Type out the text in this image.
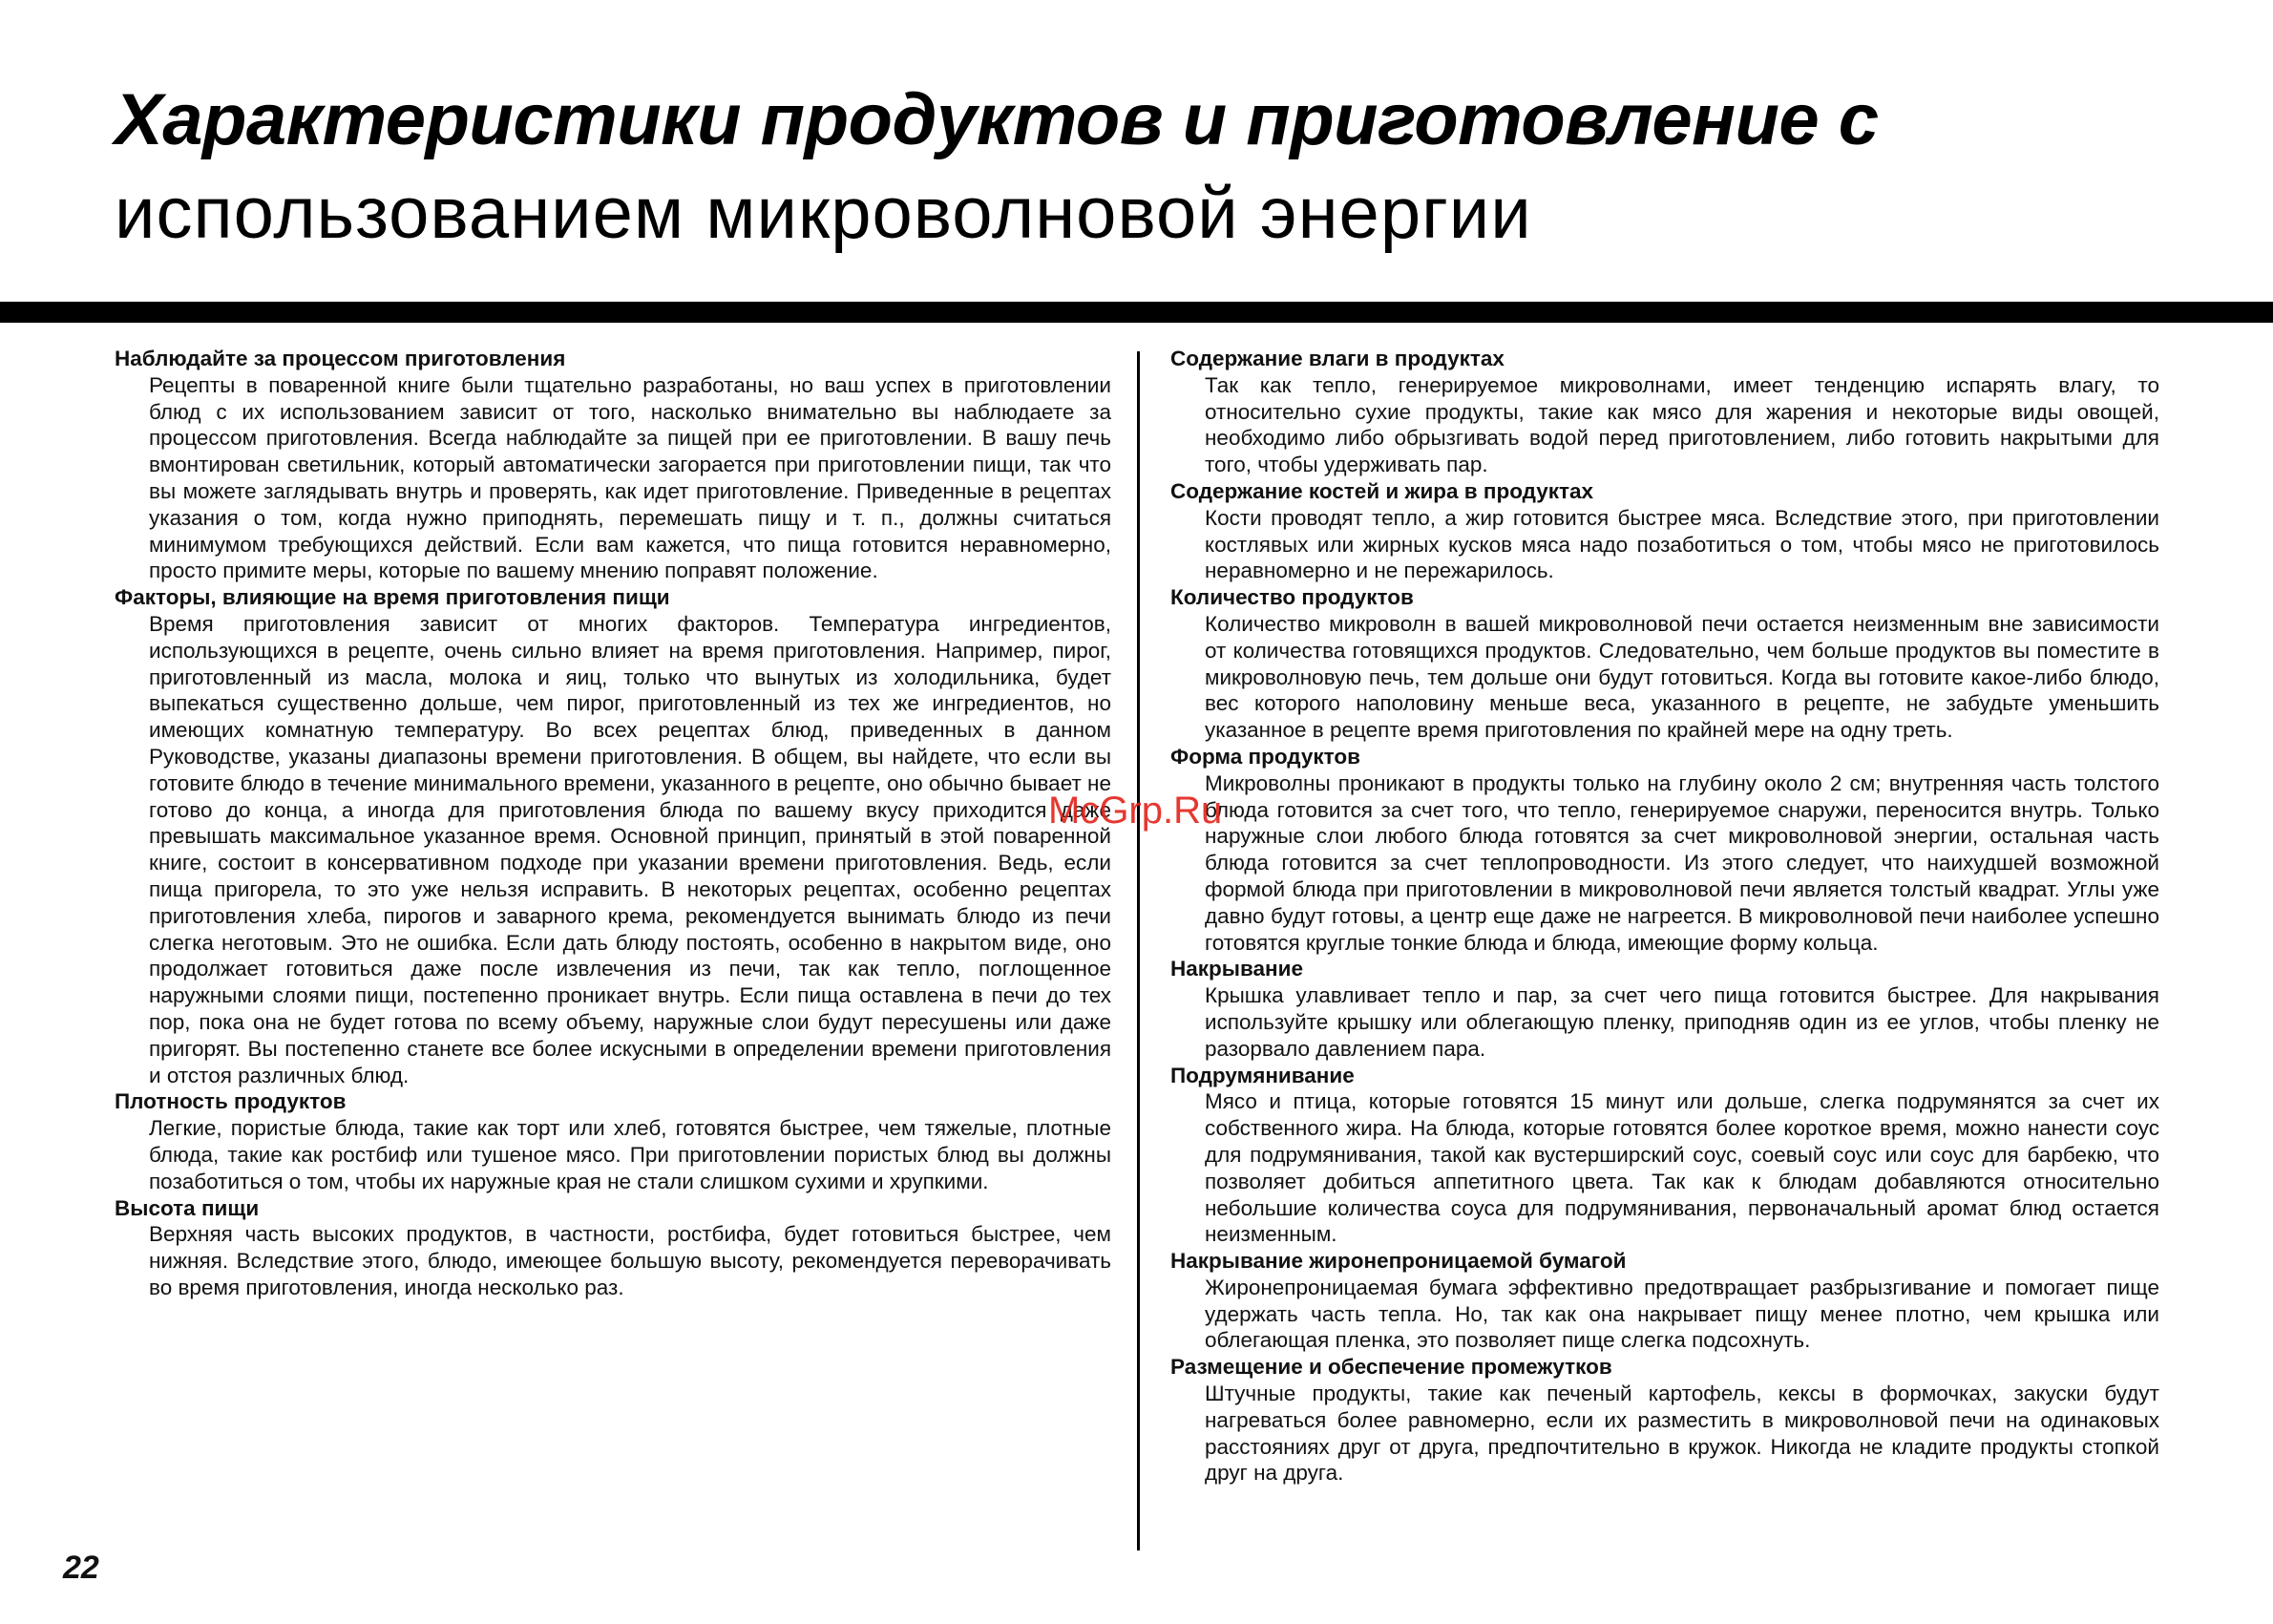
Характеристики продуктов и приготовление с
использованием микроволновой энергии

Наблюдайте за процессом приготовления

Рецепты в поваренной книге были тщательно разработаны, но ваш успех в приготовлении блюд с их использованием зависит от того, насколько внимательно вы наблюдаете за процессом приготовления. Всегда наблюдайте за пищей при ее приготовлении. В вашу печь вмонтирован светильник, который автоматически загорается при приготовлении пищи, так что вы можете заглядывать внутрь и проверять, как идет приготовление. Приведенные в рецептах указания о том, когда нужно приподнять, перемешать пищу и т. п., должны считаться минимумом требующихся действий. Если вам кажется, что пища готовится неравномерно, просто примите меры, которые по вашему мнению поправят положение.

Факторы, влияющие на время приготовления пищи

Время приготовления зависит от многих факторов. Температура ингредиентов, использующихся в рецепте, очень сильно влияет на время приготовления. Например, пирог, приготовленный из масла, молока и яиц, только что вынутых из холодильника, будет выпекаться существенно дольше, чем пирог, приготовленный из тех же ингредиентов, но имеющих комнатную температуру. Во всех рецептах блюд, приведенных в данном Руководстве, указаны диапазоны времени приготовления. В общем, вы найдете, что если вы готовите блюдо в течение минимального времени, указанного в рецепте, оно обычно бывает не готово до конца, а иногда для приготовления блюда по вашему вкусу приходится даже превышать максимальное указанное время. Основной принцип, принятый в этой поваренной книге, состоит в консервативном подходе при указании времени приготовления. Ведь, если пища пригорела, то это уже нельзя исправить. В некоторых рецептах, особенно рецептах приготовления хлеба, пирогов и заварного крема, рекомендуется вынимать блюдо из печи слегка неготовым. Это не ошибка. Если дать блюду постоять, особенно в накрытом виде, оно продолжает готовиться даже после извлечения из печи, так как тепло, поглощенное наружными слоями пищи, постепенно проникает внутрь. Если пища оставлена в печи до тех пор, пока она не будет готова по всему объему, наружные слои будут пересушены или даже пригорят. Вы постепенно станете все более искусными в определении времени приготовления и отстоя различных блюд.

Плотность продуктов

Легкие, пористые блюда, такие как торт или хлеб, готовятся быстрее, чем тяжелые, плотные блюда, такие как ростбиф или тушеное мясо. При приготовлении пористых блюд вы должны позаботиться о том, чтобы их наружные края не стали слишком сухими и хрупкими.

Высота пищи

Верхняя часть высоких продуктов, в частности, ростбифа, будет готовиться быстрее, чем нижняя. Вследствие этого, блюдо, имеющее большую высоту, рекомендуется переворачивать во время приготовления, иногда несколько раз.

Содержание влаги в продуктах

Так как тепло, генерируемое микроволнами, имеет тенденцию испарять влагу, то относительно сухие продукты, такие как мясо для жарения и некоторые виды овощей, необходимо либо обрызгивать водой перед приготовлением, либо готовить накрытыми для того, чтобы удерживать пар.

Содержание костей и жира в продуктах

Кости проводят тепло, а жир готовится быстрее мяса. Вследствие этого, при приготовлении костлявых или жирных кусков мяса надо позаботиться о том, чтобы мясо не приготовилось неравномерно и не пережарилось.

Количество продуктов

Количество микроволн в вашей микроволновой печи остается неизменным вне зависимости от количества готовящихся продуктов. Следовательно, чем больше продуктов вы поместите в микроволновую печь, тем дольше они будут готовиться. Когда вы готовите какое-либо блюдо, вес которого наполовину меньше веса, указанного в рецепте, не забудьте уменьшить указанное в рецепте время приготовления по крайней мере на одну треть.

Форма продуктов

Микроволны проникают в продукты только на глубину около 2 см; внутренняя часть толстого блюда готовится за счет того, что тепло, генерируемое снаружи, переносится внутрь. Только наружные слои любого блюда готовятся за счет микроволновой энергии, остальная часть блюда готовится за счет теплопроводности. Из этого следует, что наихудшей возможной формой блюда при приготовлении в микроволновой печи является толстый квадрат. Углы уже давно будут готовы, а центр еще даже не нагреется. В микроволновой печи наиболее успешно готовятся круглые тонкие блюда и блюда, имеющие форму кольца.

Накрывание

Крышка улавливает тепло и пар, за счет чего пища готовится быстрее. Для накрывания используйте крышку или облегающую пленку, приподняв один из ее углов, чтобы пленку не разорвало давлением пара.

Подрумянивание

Мясо и птица, которые готовятся 15 минут или дольше, слегка подрумянятся за счет их собственного жира. На блюда, которые готовятся более короткое время, можно нанести соус для подрумянивания, такой как вустерширский соус, соевый соус или соус для барбекю, что позволяет добиться аппетитного цвета. Так как к блюдам добавляются относительно небольшие количества соуса для подрумянивания, первоначальный аромат блюд остается неизменным.

Накрывание жиронепроницаемой бумагой

Жиронепроницаемая бумага эффективно предотвращает разбрызгивание и помогает пище удержать часть тепла. Но, так как она накрывает пищу менее плотно, чем крышка или облегающая пленка, это позволяет пище слегка подсохнуть.

Размещение и обеспечение промежутков

Штучные продукты, такие как печеный картофель, кексы в формочках, закуски будут нагреваться более равномерно, если их разместить в микроволновой печи на одинаковых расстояниях друг от друга, предпочтительно в кружок. Никогда не кладите продукты стопкой друг на друга.

McGrp.Ru
22
